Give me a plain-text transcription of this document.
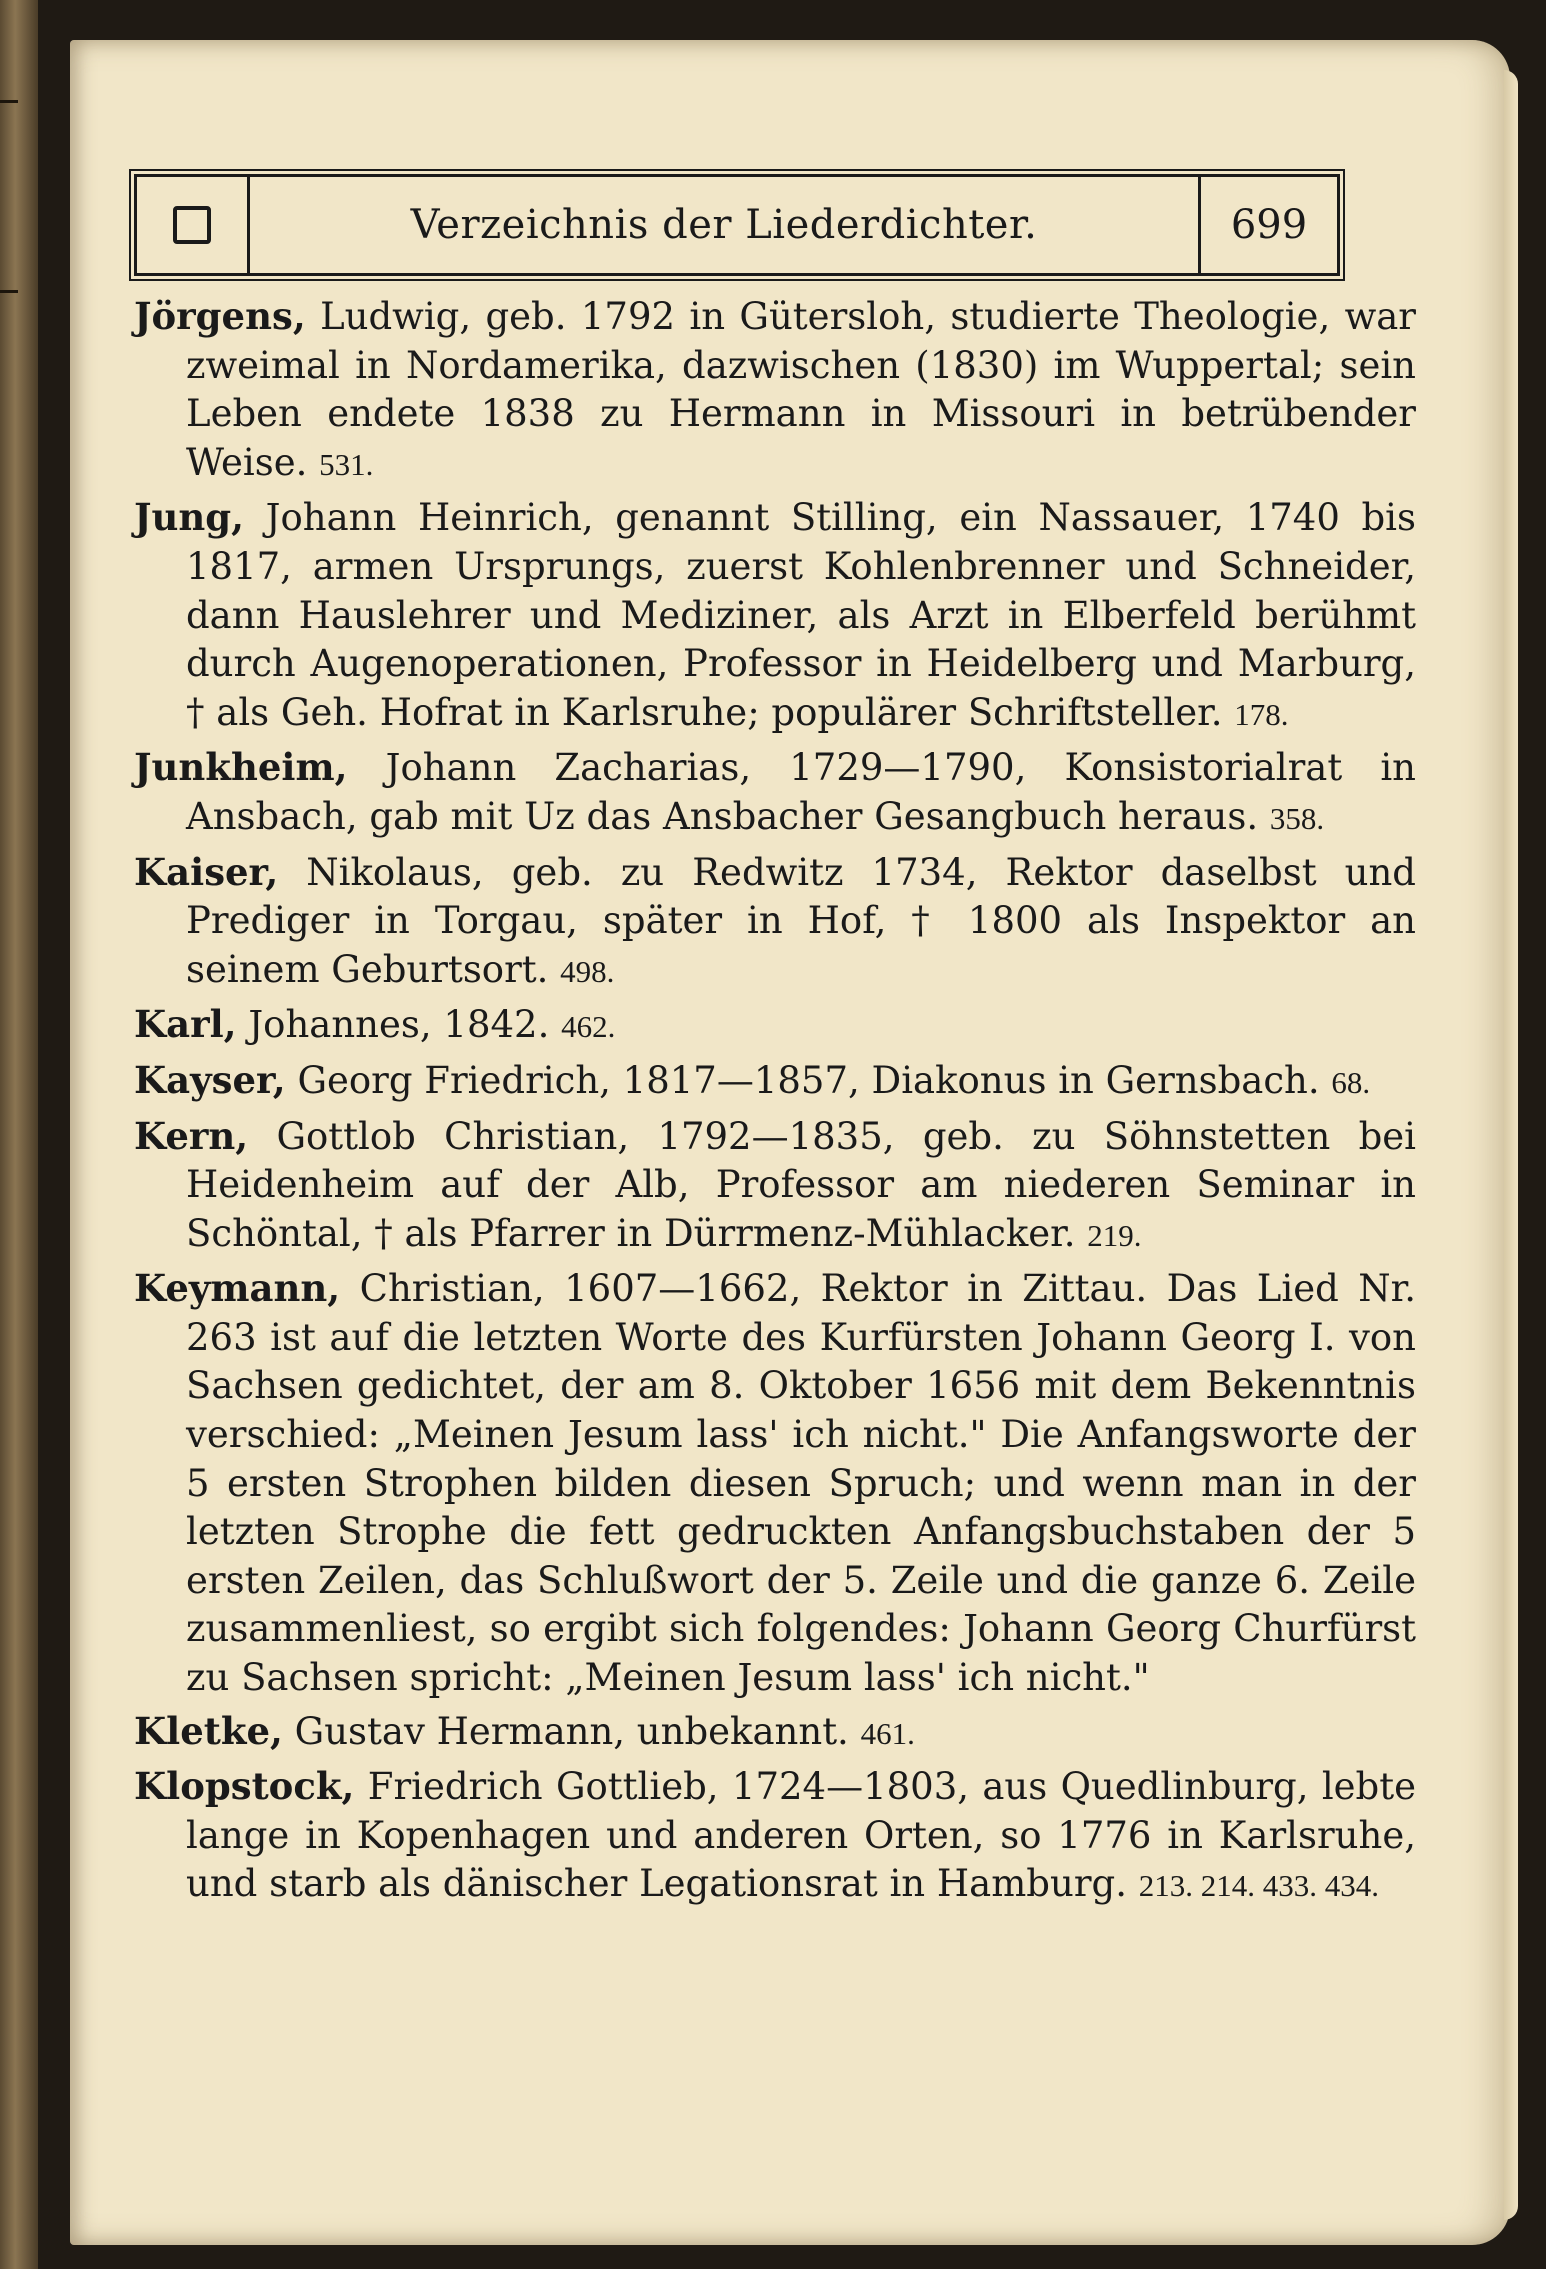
Verzeichnis der Liederdichter.	699

Jörgens, Ludwig, geb. 1792 in Gütersloh, studierte Theologie, war zweimal in Nordamerika, dazwischen (1830) im Wuppertal; sein Leben endete 1838 zu Hermann in Missouri in betrübender Weise. 531.

Jung, Johann Heinrich, genannt Stilling, ein Nassauer, 1740 bis 1817, armen Ursprungs, zuerst Kohlenbrenner und Schneider, dann Hauslehrer und Mediziner, als Arzt in Elberfeld berühmt durch Augenoperationen, Professor in Heidelberg und Marburg, † als Geh. Hofrat in Karlsruhe; populärer Schriftsteller. 178.

Junkheim, Johann Zacharias, 1729—1790, Konsistorialrat in Ansbach, gab mit Uz das Ansbacher Gesangbuch heraus. 358.

Kaiser, Nikolaus, geb. zu Redwitz 1734, Rektor daselbst und Prediger in Torgau, später in Hof, † 1800 als Inspektor an seinem Geburtsort. 498.

Karl, Johannes, 1842. 462.

Kayser, Georg Friedrich, 1817—1857, Diakonus in Gernsbach. 68.

Kern, Gottlob Christian, 1792—1835, geb. zu Söhnstetten bei Heidenheim auf der Alb, Professor am niederen Seminar in Schöntal, † als Pfarrer in Dürrmenz-Mühlacker. 219.

Keymann, Christian, 1607—1662, Rektor in Zittau. Das Lied Nr. 263 ist auf die letzten Worte des Kurfürsten Johann Georg I. von Sachsen gedichtet, der am 8. Oktober 1656 mit dem Bekenntnis verschied: „Meinen Jesum lass' ich nicht." Die Anfangsworte der 5 ersten Strophen bilden diesen Spruch; und wenn man in der letzten Strophe die fett gedruckten Anfangsbuchstaben der 5 ersten Zeilen, das Schlußwort der 5. Zeile und die ganze 6. Zeile zusammenliest, so ergibt sich folgendes: Johann Georg Churfürst zu Sachsen spricht: „Meinen Jesum lass' ich nicht."

Kletke, Gustav Hermann, unbekannt. 461.

Klopstock, Friedrich Gottlieb, 1724—1803, aus Quedlinburg, lebte lange in Kopenhagen und anderen Orten, so 1776 in Karlsruhe, und starb als dänischer Legationsrat in Hamburg. 213. 214. 433. 434.
